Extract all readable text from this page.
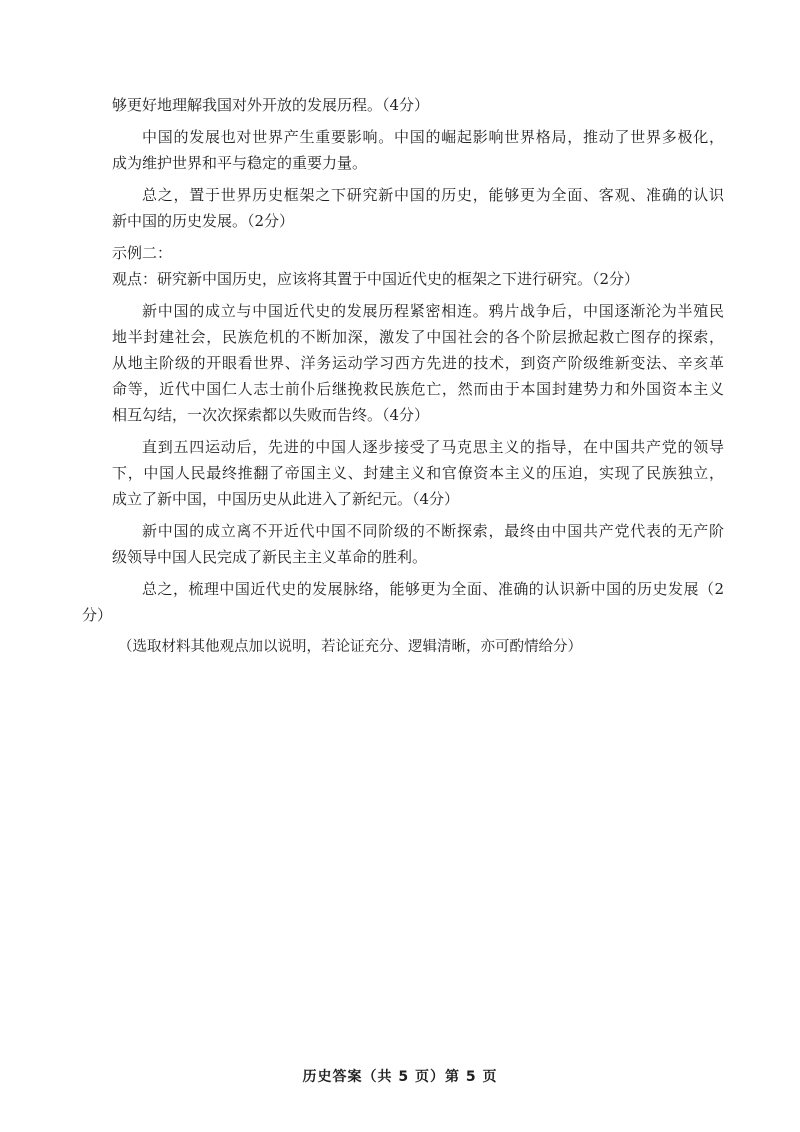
够更好地理解我国对外开放的发展历程。（4分）
中国的发展也对世界产生重要影响。中国的崛起影响世界格局，推动了世界多极化，
成为维护世界和平与稳定的重要力量。
总之，置于世界历史框架之下研究新中国的历史，能够更为全面、客观、准确的认识
新中国的历史发展。（2分）
示例二：
观点：研究新中国历史，应该将其置于中国近代史的框架之下进行研究。（2分）
新中国的成立与中国近代史的发展历程紧密相连。鸦片战争后，中国逐渐沦为半殖民
地半封建社会，民族危机的不断加深，激发了中国社会的各个阶层掀起救亡图存的探索，
从地主阶级的开眼看世界、洋务运动学习西方先进的技术，到资产阶级维新变法、辛亥革
命等，近代中国仁人志士前仆后继挽救民族危亡，然而由于本国封建势力和外国资本主义
相互勾结，一次次探索都以失败而告终。（4分）
直到五四运动后，先进的中国人逐步接受了马克思主义的指导，在中国共产党的领导
下，中国人民最终推翻了帝国主义、封建主义和官僚资本主义的压迫，实现了民族独立，
成立了新中国，中国历史从此进入了新纪元。（4分）
新中国的成立离不开近代中国不同阶级的不断探索，最终由中国共产党代表的无产阶
级领导中国人民完成了新民主主义革命的胜利。
总之，梳理中国近代史的发展脉络，能够更为全面、准确的认识新中国的历史发展（2
分）
（选取材料其他观点加以说明，若论证充分、逻辑清晰，亦可酌情给分）
历史答案（共 5 页）第 5 页
